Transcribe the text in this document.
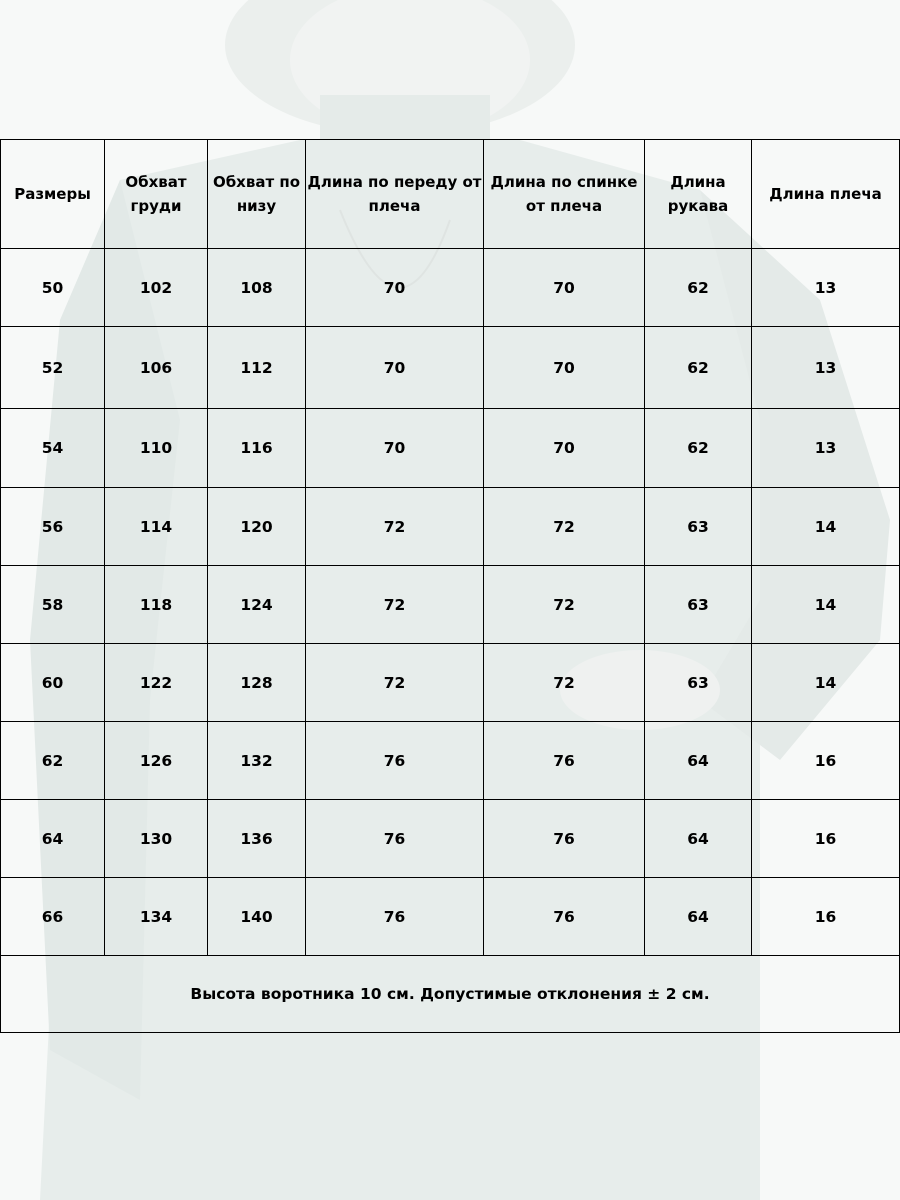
Размеры	Обхват груди	Обхват по низу	Длина по переду от плеча	Длина по спинке от плеча	Длина рукава	Длина плеча
50	102	108	70	70	62	13
52	106	112	70	70	62	13
54	110	116	70	70	62	13
56	114	120	72	72	63	14
58	118	124	72	72	63	14
60	122	128	72	72	63	14
62	126	132	76	76	64	16
64	130	136	76	76	64	16
66	134	140	76	76	64	16
Высота воротника 10 см. Допустимые отклонения ± 2 см.						
